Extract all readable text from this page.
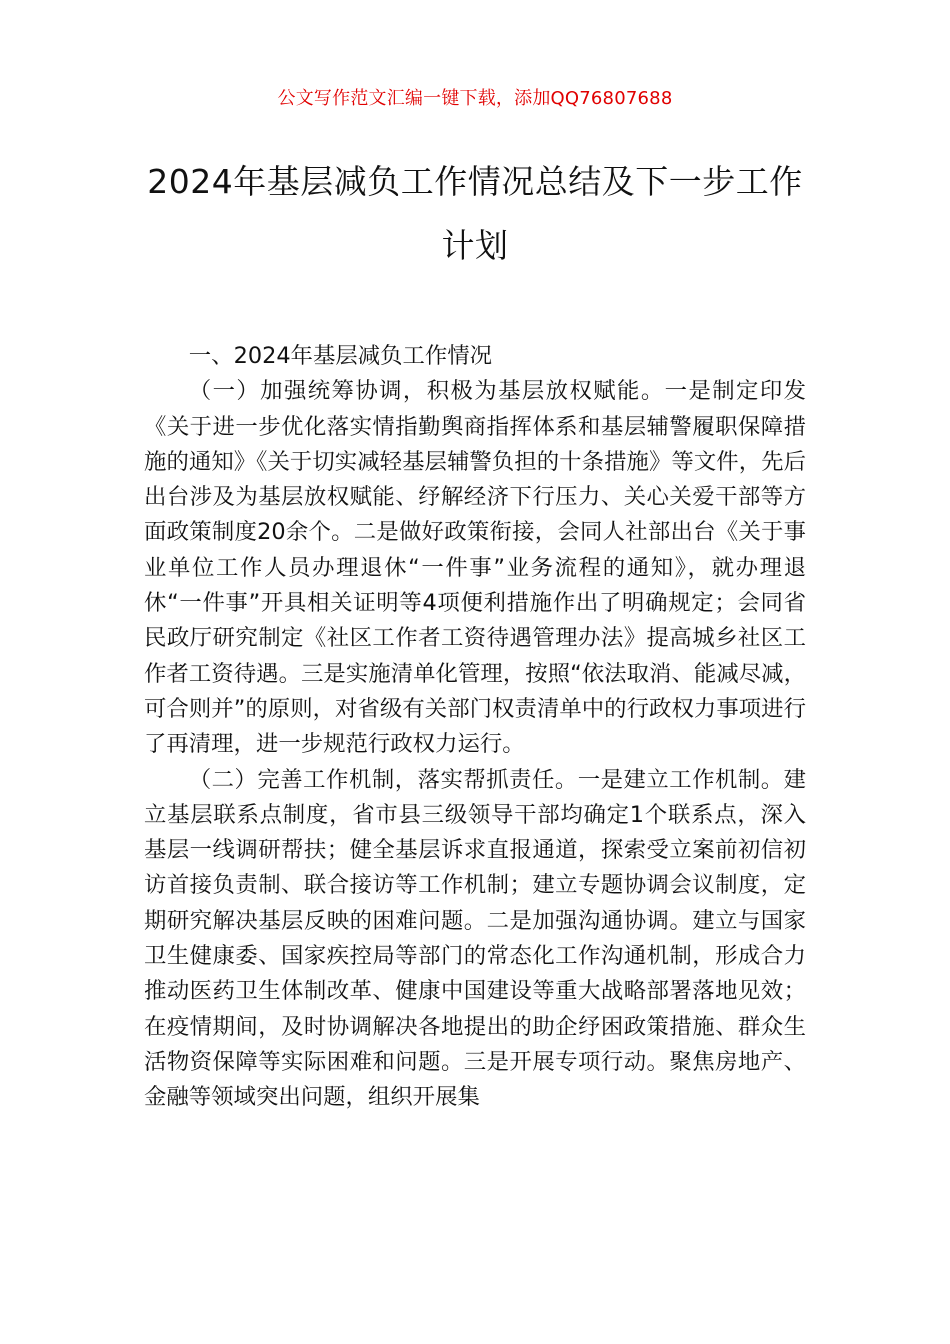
公文写作范文汇编一键下载，添加QQ76807688
2024年基层减负工作情况总结及下一步工作计划

一、2024年基层减负工作情况

（一）加强统筹协调，积极为基层放权赋能。一是制定印发《关于进一步优化落实情指勤舆商指挥体系和基层辅警履职保障措施的通知》《关于切实减轻基层辅警负担的十条措施》等文件，先后出台涉及为基层放权赋能、纾解经济下行压力、关心关爱干部等方面政策制度20余个。二是做好政策衔接，会同人社部出台《关于事业单位工作人员办理退休“一件事”业务流程的通知》，就办理退休“一件事”开具相关证明等4项便利措施作出了明确规定；会同省民政厅研究制定《社区工作者工资待遇管理办法》提高城乡社区工作者工资待遇。三是实施清单化管理，按照“依法取消、能减尽减，可合则并”的原则，对省级有关部门权责清单中的行政权力事项进行了再清理，进一步规范行政权力运行。

（二）完善工作机制，落实帮抓责任。一是建立工作机制。建立基层联系点制度，省市县三级领导干部均确定1个联系点，深入基层一线调研帮扶；健全基层诉求直报通道，探索受立案前初信初访首接负责制、联合接访等工作机制；建立专题协调会议制度，定期研究解决基层反映的困难问题。二是加强沟通协调。建立与国家卫生健康委、国家疾控局等部门的常态化工作沟通机制，形成合力推动医药卫生体制改革、健康中国建设等重大战略部署落地见效；在疫情期间，及时协调解决各地提出的助企纾困政策措施、群众生活物资保障等实际困难和问题。三是开展专项行动。聚焦房地产、金融等领域突出问题，组织开展集
